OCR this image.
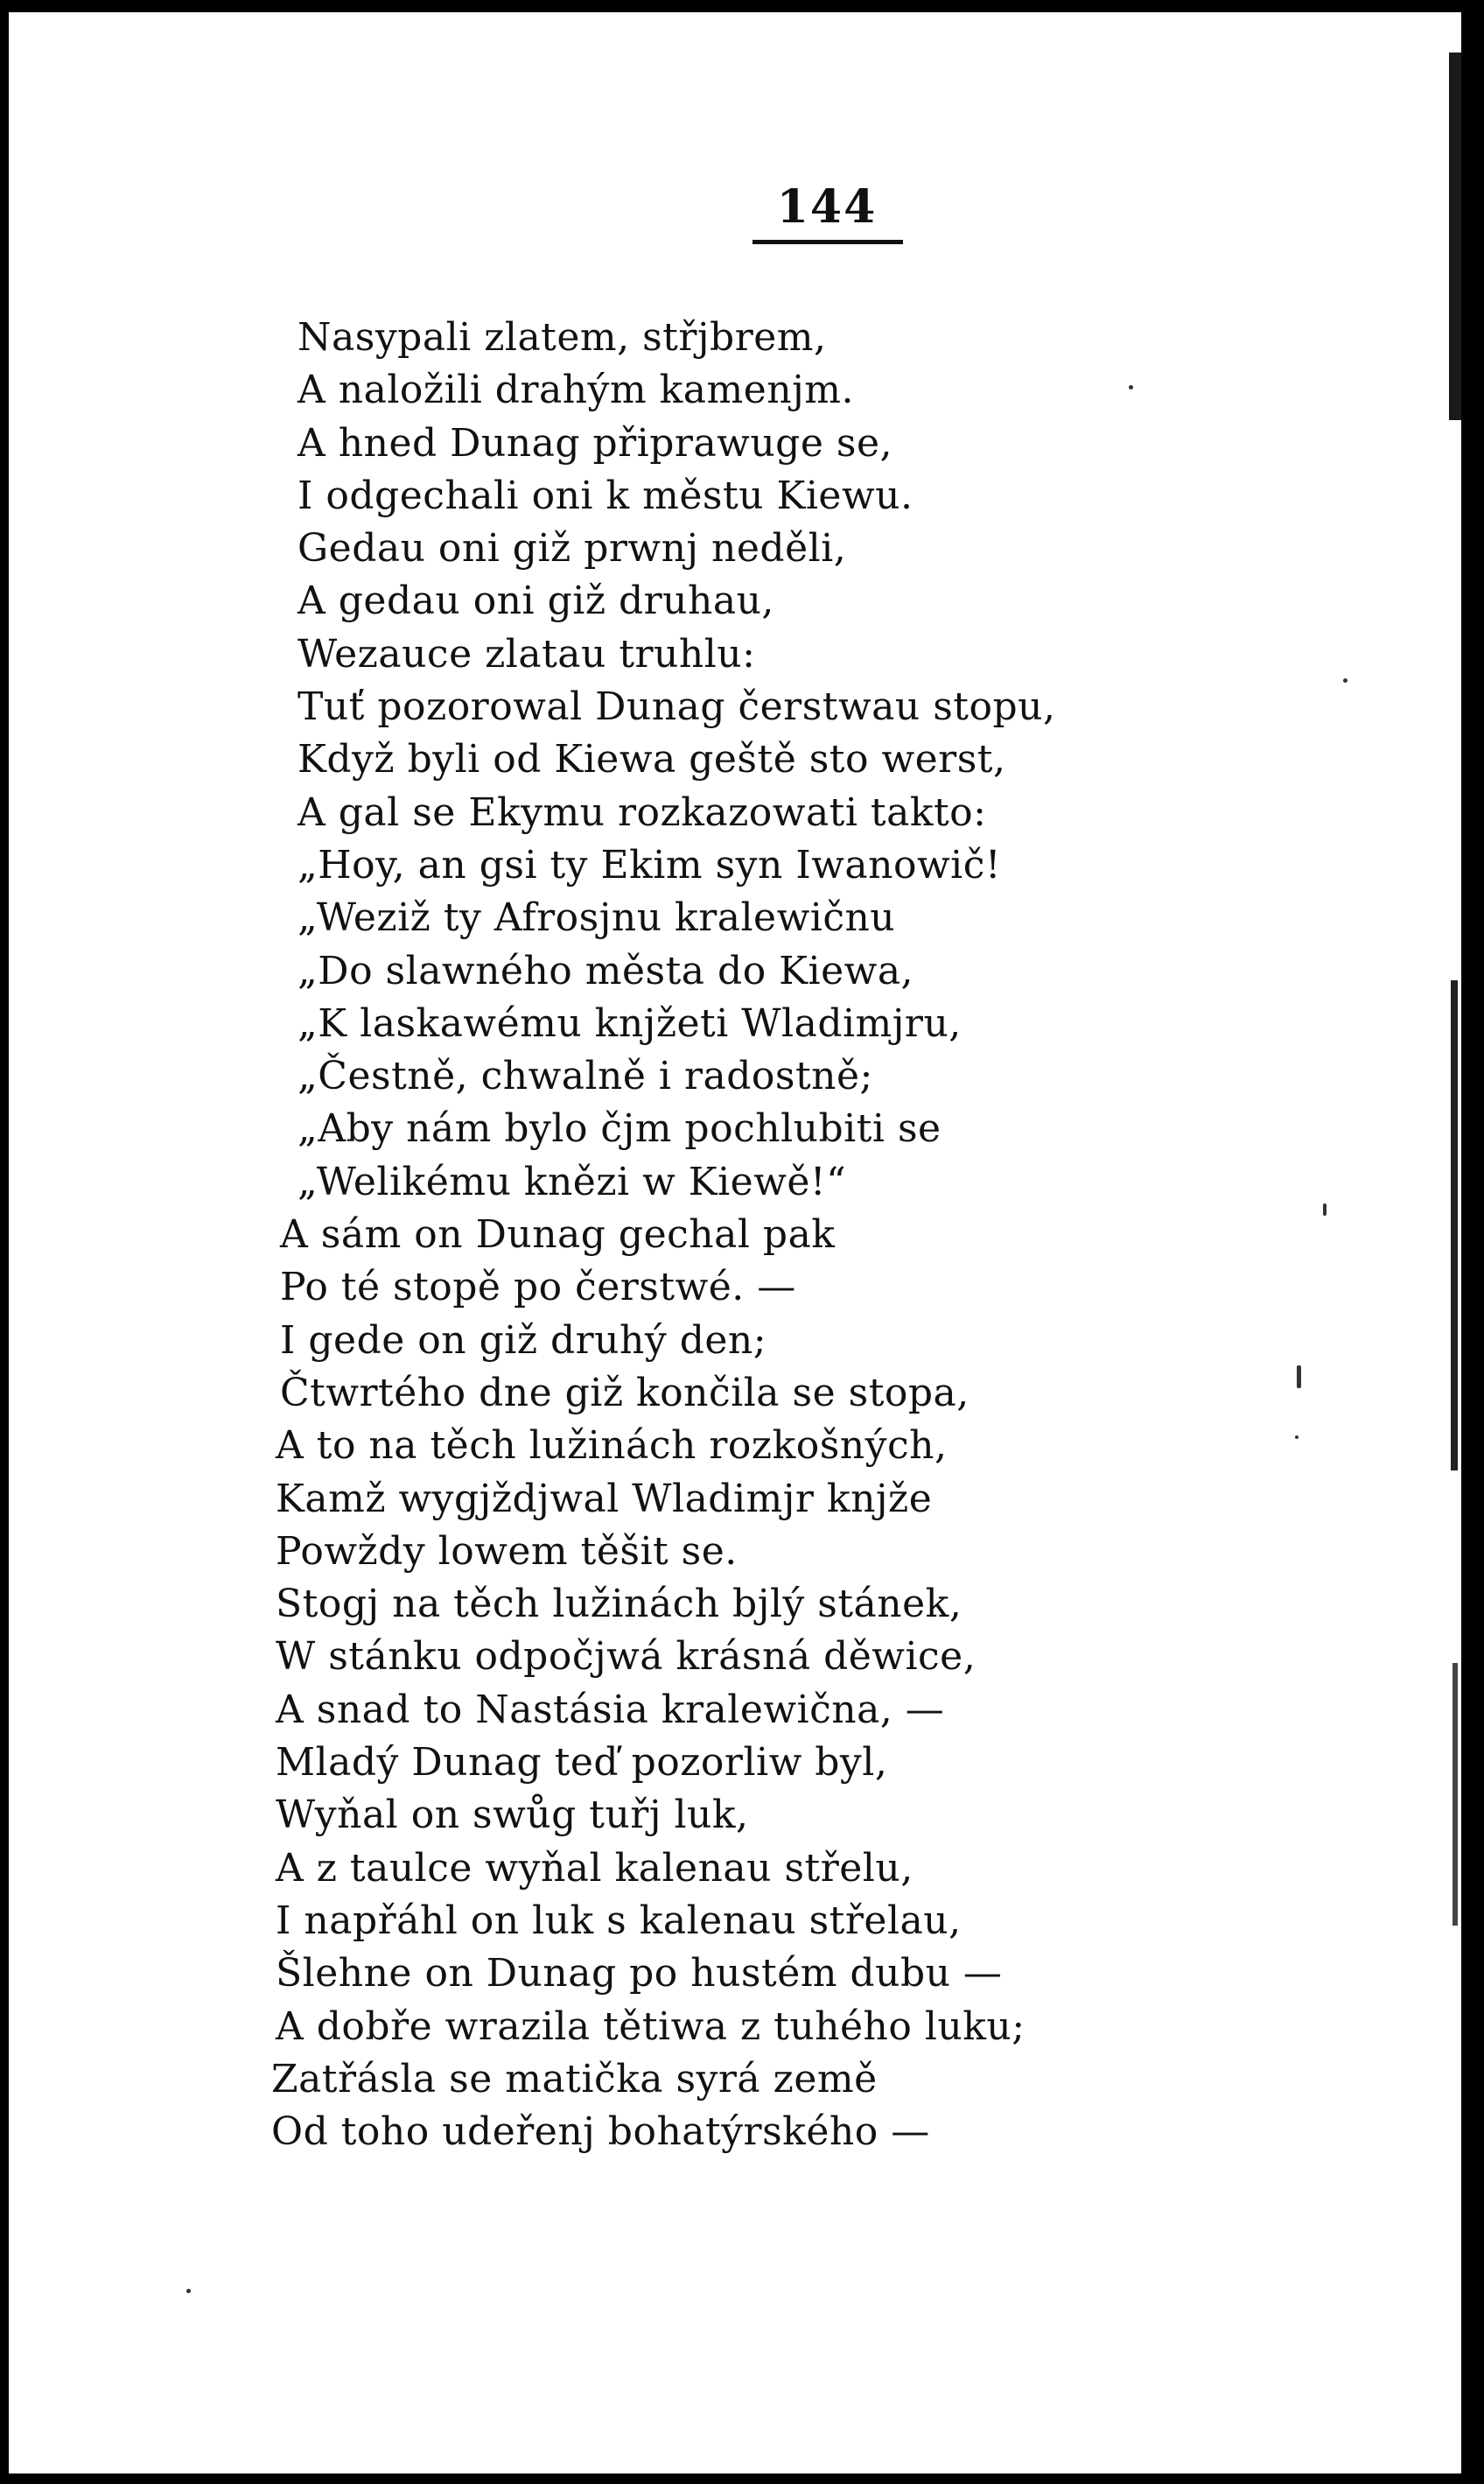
144
Nasypali zlatem, střjbrem,
A naložili drahým kamenjm.
A hned Dunag připrawuge se,
I odgechali oni k městu Kiewu.
Gedau oni giž prwnj neděli,
A gedau oni giž druhau,
Wezauce zlatau truhlu:
Tuť pozorowal Dunag čerstwau stopu,
Když byli od Kiewa geště sto werst,
A gal se Ekymu rozkazowati takto:
„Hoy, an gsi ty Ekim syn Iwanowič!
„Weziž ty Afrosjnu kralewičnu
„Do slawného města do Kiewa,
„K laskawému knjžeti Wladimjru,
„Čestně, chwalně i radostně;
„Aby nám bylo čjm pochlubiti se
„Welikému knězi w Kiewě!“
A sám on Dunag gechal pak
Po té stopě po čerstwé. —
I gede on giž druhý den;
Čtwrtého dne giž končila se stopa,
A to na těch lužinách rozkošných,
Kamž wygjždjwal Wladimjr knjže
Powždy lowem těšit se.
Stogj na těch lužinách bjlý stánek,
W stánku odpočjwá krásná děwice,
A snad to Nastásia kralewična, —
Mladý Dunag teď pozorliw byl,
Wyňal on swůg tuřj luk,
A z taulce wyňal kalenau střelu,
I napřáhl on luk s kalenau střelau,
Šlehne on Dunag po hustém dubu —
A dobře wrazila tětiwa z tuhého luku;
Zatřásla se matička syrá země
Od toho udeřenj bohatýrského —
